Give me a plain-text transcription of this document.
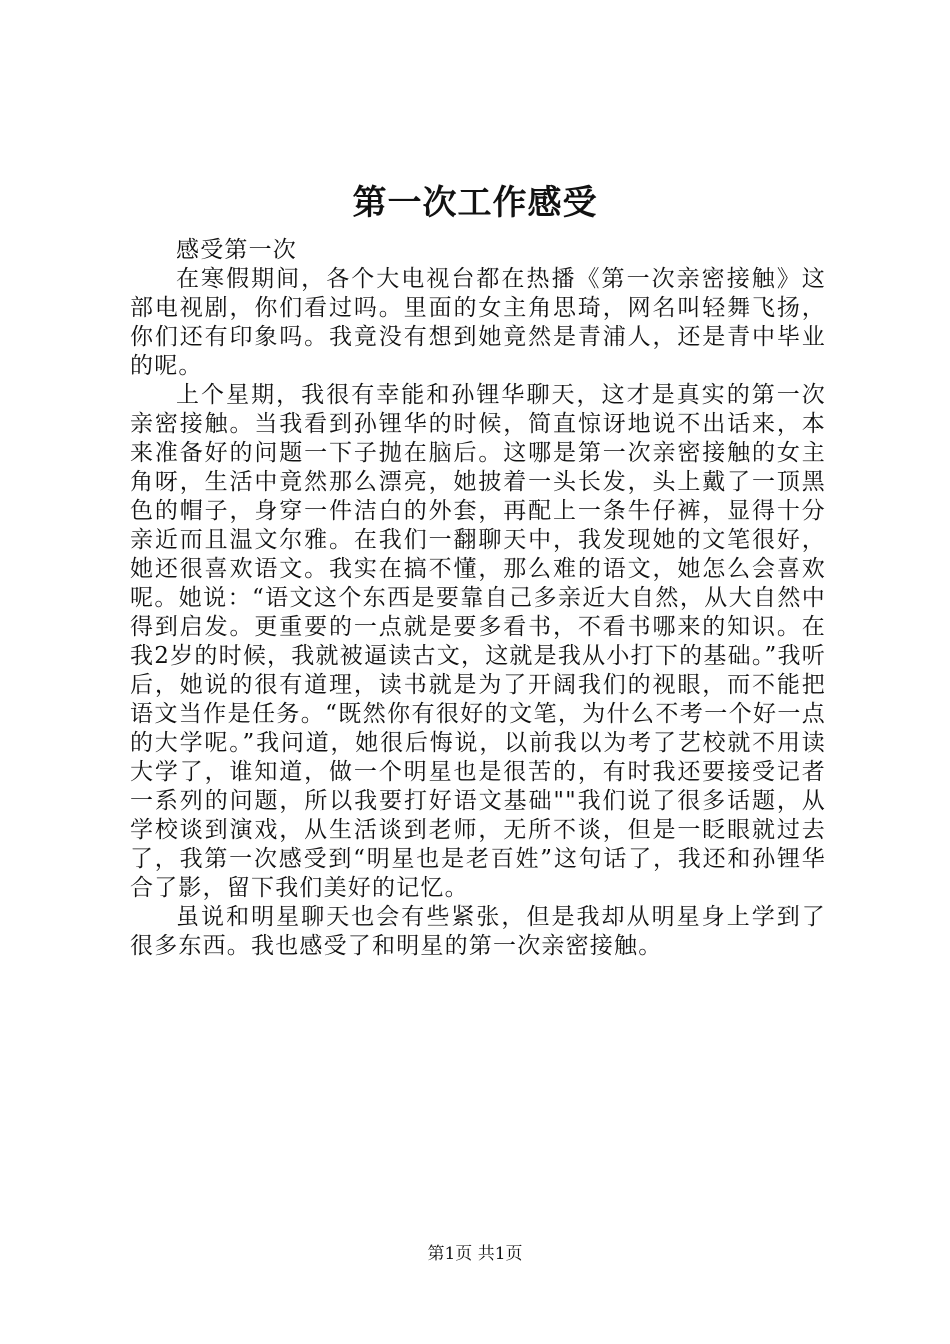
第一次工作感受

感受第一次

在寒假期间，各个大电视台都在热播《第一次亲密接触》这部电视剧，你们看过吗。里面的女主角思琦，网名叫轻舞飞扬，你们还有印象吗。我竟没有想到她竟然是青浦人，还是青中毕业的呢。

上个星期，我很有幸能和孙锂华聊天，这才是真实的第一次亲密接触。当我看到孙锂华的时候，简直惊讶地说不出话来，本来准备好的问题一下子抛在脑后。这哪是第一次亲密接触的女主角呀，生活中竟然那么漂亮，她披着一头长发，头上戴了一顶黑色的帽子，身穿一件洁白的外套，再配上一条牛仔裤，显得十分亲近而且温文尔雅。在我们一翻聊天中，我发现她的文笔很好，她还很喜欢语文。我实在搞不懂，那么难的语文，她怎么会喜欢呢。她说：“语文这个东西是要靠自己多亲近大自然，从大自然中得到启发。更重要的一点就是要多看书，不看书哪来的知识。在我2岁的时候，我就被逼读古文，这就是我从小打下的基础。”我听后，她说的很有道理，读书就是为了开阔我们的视眼，而不能把语文当作是任务。“既然你有很好的文笔，为什么不考一个好一点的大学呢。”我问道，她很后悔说，以前我以为考了艺校就不用读大学了，谁知道，做一个明星也是很苦的，有时我还要接受记者一系列的问题，所以我要打好语文基础""我们说了很多话题，从学校谈到演戏，从生活谈到老师，无所不谈，但是一眨眼就过去了，我第一次感受到“明星也是老百姓”这句话了，我还和孙锂华合了影，留下我们美好的记忆。

虽说和明星聊天也会有些紧张，但是我却从明星身上学到了很多东西。我也感受了和明星的第一次亲密接触。

第1页 共1页
